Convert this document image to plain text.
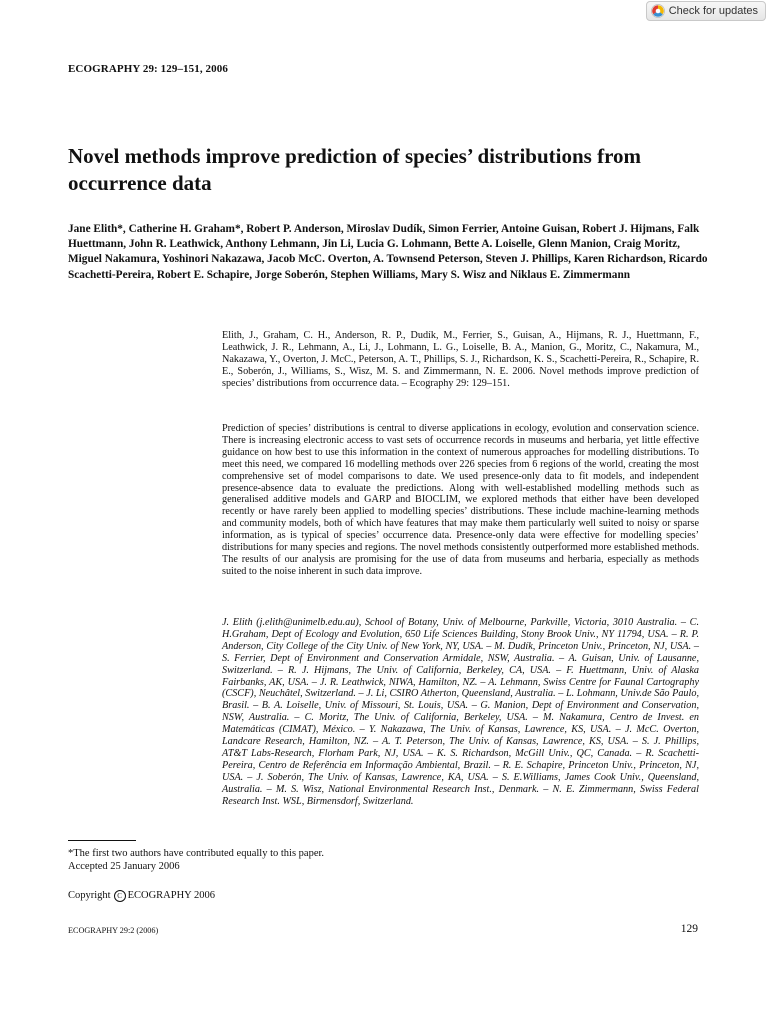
Check for updates
ECOGRAPHY 29: 129–151, 2006
Novel methods improve prediction of species’ distributions from occurrence data

Jane Elith*, Catherine H. Graham*, Robert P. Anderson, Miroslav Dudík, Simon Ferrier, Antoine Guisan, Robert J. Hijmans, Falk Huettmann, John R. Leathwick, Anthony Lehmann, Jin Li, Lucia G. Lohmann, Bette A. Loiselle, Glenn Manion, Craig Moritz, Miguel Nakamura, Yoshinori Nakazawa, Jacob McC. Overton, A. Townsend Peterson, Steven J. Phillips, Karen Richardson, Ricardo Scachetti-Pereira, Robert E. Schapire, Jorge Soberón, Stephen Williams, Mary S. Wisz and Niklaus E. Zimmermann

Elith, J., Graham, C. H., Anderson, R. P., Dudík, M., Ferrier, S., Guisan, A., Hijmans, R. J., Huettmann, F., Leathwick, J. R., Lehmann, A., Li, J., Lohmann, L. G., Loiselle, B. A., Manion, G., Moritz, C., Nakamura, M., Nakazawa, Y., Overton, J. McC., Peterson, A. T., Phillips, S. J., Richardson, K. S., Scachetti-Pereira, R., Schapire, R. E., Soberón, J., Williams, S., Wisz, M. S. and Zimmermann, N. E. 2006. Novel methods improve prediction of species’ distributions from occurrence data. – Ecography 29: 129–151.

Prediction of species’ distributions is central to diverse applications in ecology, evolution and conservation science. There is increasing electronic access to vast sets of occurrence records in museums and herbaria, yet little effective guidance on how best to use this information in the context of numerous approaches for modelling distributions. To meet this need, we compared 16 modelling methods over 226 species from 6 regions of the world, creating the most comprehensive set of model comparisons to date. We used presence-only data to fit models, and independent presence-absence data to evaluate the predictions. Along with well-established modelling methods such as generalised additive models and GARP and BIOCLIM, we explored methods that either have been developed recently or have rarely been applied to modelling species’ distributions. These include machine-learning methods and community models, both of which have features that may make them particularly well suited to noisy or sparse information, as is typical of species’ occurrence data. Presence-only data were effective for modelling species’ distributions for many species and regions. The novel methods consistently outperformed more established methods. The results of our analysis are promising for the use of data from museums and herbaria, especially as methods suited to the noise inherent in such data improve.

J. Elith (j.elith@unimelb.edu.au), School of Botany, Univ. of Melbourne, Parkville, Victoria, 3010 Australia. – C. H.Graham, Dept of Ecology and Evolution, 650 Life Sciences Building, Stony Brook Univ., NY 11794, USA. – R. P. Anderson, City College of the City Univ. of New York, NY, USA. – M. Dudík, Princeton Univ., Princeton, NJ, USA. – S. Ferrier, Dept of Environment and Conservation Armidale, NSW, Australia. – A. Guisan, Univ. of Lausanne, Switzerland. – R. J. Hijmans, The Univ. of California, Berkeley, CA, USA. – F. Huettmann, Univ. of Alaska Fairbanks, AK, USA. – J. R. Leathwick, NIWA, Hamilton, NZ. – A. Lehmann, Swiss Centre for Faunal Cartography (CSCF), Neuchâtel, Switzerland. – J. Li, CSIRO Atherton, Queensland, Australia. – L. Lohmann, Univ.de São Paulo, Brasil. – B. A. Loiselle, Univ. of Missouri, St. Louis, USA. – G. Manion, Dept of Environment and Conservation, NSW, Australia. – C. Moritz, The Univ. of California, Berkeley, USA. – M. Nakamura, Centro de Invest. en Matemáticas (CIMAT), México. – Y. Nakazawa, The Univ. of Kansas, Lawrence, KS, USA. – J. McC. Overton, Landcare Research, Hamilton, NZ. – A. T. Peterson, The Univ. of Kansas, Lawrence, KS, USA. – S. J. Phillips, AT&T Labs-Research, Florham Park, NJ, USA. – K. S. Richardson, McGill Univ., QC, Canada. – R. Scachetti-Pereira, Centro de Referência em Informação Ambiental, Brazil. – R. E. Schapire, Princeton Univ., Princeton, NJ, USA. – J. Soberón, The Univ. of Kansas, Lawrence, KA, USA. – S. E.Williams, James Cook Univ., Queensland, Australia. – M. S. Wisz, National Environmental Research Inst., Denmark. – N. E. Zimmermann, Swiss Federal Research Inst. WSL, Birmensdorf, Switzerland.

*The first two authors have contributed equally to this paper.
Accepted 25 January 2006
Copyright C ECOGRAPHY 2006
ECOGRAPHY 29:2 (2006)	129
